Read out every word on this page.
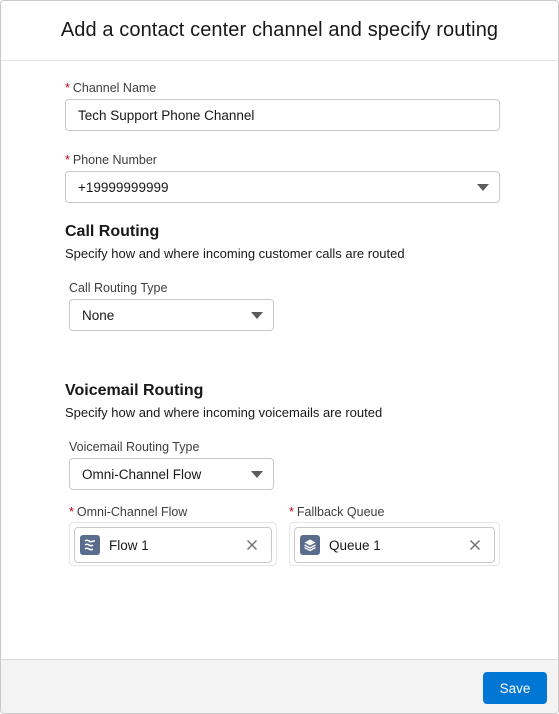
Add a contact center channel and specify routing
* Channel Name
Tech Support Phone Channel
* Phone Number
+19999999999
Call Routing
Specify how and where incoming customer calls are routed
Call Routing Type
None
Voicemail Routing
Specify how and where incoming voicemails are routed
Voicemail Routing Type
Omni-Channel Flow
* Omni-Channel Flow
Flow 1
* Fallback Queue
Queue 1
Save
